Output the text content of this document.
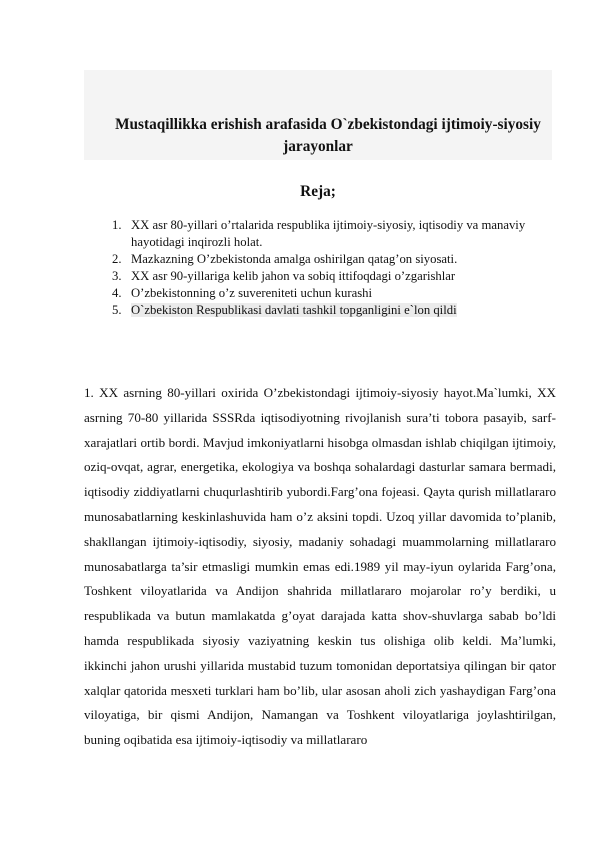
Mustaqillikka erishish arafasida O`zbekistondagi ijtimoiy-siyosiy
jarayonlar
Reja;
1. XX asr 80-yillari o’rtalarida respublika ijtimoiy-siyosiy, iqtisodiy va manaviy hayotidagi inqirozli holat.
2. Mazkazning O’zbekistonda amalga oshirilgan qatag’on siyosati.
3. XX asr 90-yillariga kelib jahon va sobiq ittifoqdagi o’zgarishlar
4. O’zbekistonning o’z suvereniteti uchun kurashi
5. O`zbekiston Respublikasi davlati tashkil topganligini e`lon qildi

1. XX asrning 80-yillari oxirida O’zbekistondagi ijtimoiy-siyosiy hayot.Ma`lumki, XX asrning 70-80 yillarida SSSRda iqtisodiyotning rivojlanish sura’ti tobora pasayib, sarf-xarajatlari ortib bordi. Mavjud imkoniyatlarni hisobga olmasdan ishlab chiqilgan ijtimoiy, oziq-ovqat, agrar, energetika, ekologiya va boshqa sohalardagi dasturlar samara bermadi, iqtisodiy ziddiyatlarni chuqurlashtirib yubordi.Farg’ona fojeasi. Qayta qurish millatlararo munosabatlarning keskinlashuvida ham o’z aksini topdi. Uzoq yillar davomida to’planib, shakllangan ijtimoiy-iqtisodiy, siyosiy, madaniy sohadagi muammolarning millatlararo munosabatlarga ta’sir etmasligi mumkin emas edi.1989 yil may-iyun oylarida Farg’ona, Toshkent viloyatlarida va Andijon shahrida millatlararo mojarolar ro’y berdiki, u respublikada va butun mamlakatda g’oyat darajada katta shov-shuvlarga sabab bo’ldi hamda respublikada siyosiy vaziyatning keskin tus olishiga olib keldi. Ma’lumki, ikkinchi jahon urushi yillarida mustabid tuzum tomonidan deportatsiya qilingan bir qator xalqlar qatorida mesxeti turklari ham bo’lib, ular asosan aholi zich yashaydigan Farg’ona viloyatiga, bir qismi Andijon, Namangan va Toshkent viloyatlariga joylashtirilgan, buning oqibatida esa ijtimoiy-iqtisodiy va millatlararo
